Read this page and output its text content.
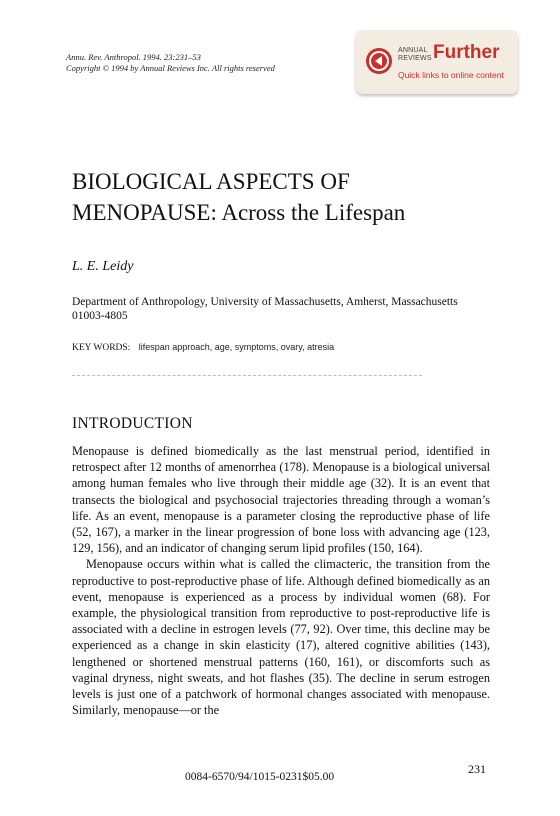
Annu. Rev. Anthropol. 1994. 23:231–53
Copyright © 1994 by Annual Reviews Inc. All rights reserved
ANNUAL
REVIEWS Further
Quick links to online content
BIOLOGICAL ASPECTS OF
MENOPAUSE: Across the Lifespan
L. E. Leidy
Department of Anthropology, University of Massachusetts, Amherst, Massachusetts 01003-4805
KEY WORDS: lifespan approach, age, symptoms, ovary, atresia
INTRODUCTION

Menopause is defined biomedically as the last menstrual period, identified in retrospect after 12 months of amenorrhea (178). Menopause is a biological universal among human females who live through their middle age (32). It is an event that transects the biological and psychosocial trajectories threading through a woman’s life. As an event, menopause is a parameter closing the reproductive phase of life (52, 167), a marker in the linear progression of bone loss with advancing age (123, 129, 156), and an indicator of changing serum lipid profiles (150, 164).

Menopause occurs within what is called the climacteric, the transition from the reproductive to post-reproductive phase of life. Although defined biomedically as an event, menopause is experienced as a process by individual women (68). For example, the physiological transition from reproductive to post-reproductive life is associated with a decline in estrogen levels (77, 92). Over time, this decline may be experienced as a change in skin elasticity (17), altered cognitive abilities (143), lengthened or shortened menstrual patterns (160, 161), or discomforts such as vaginal dryness, night sweats, and hot flashes (35). The decline in serum estrogen levels is just one of a patchwork of hormonal changes associated with menopause. Similarly, menopause—or the

231
0084-6570/94/1015-0231$05.00
